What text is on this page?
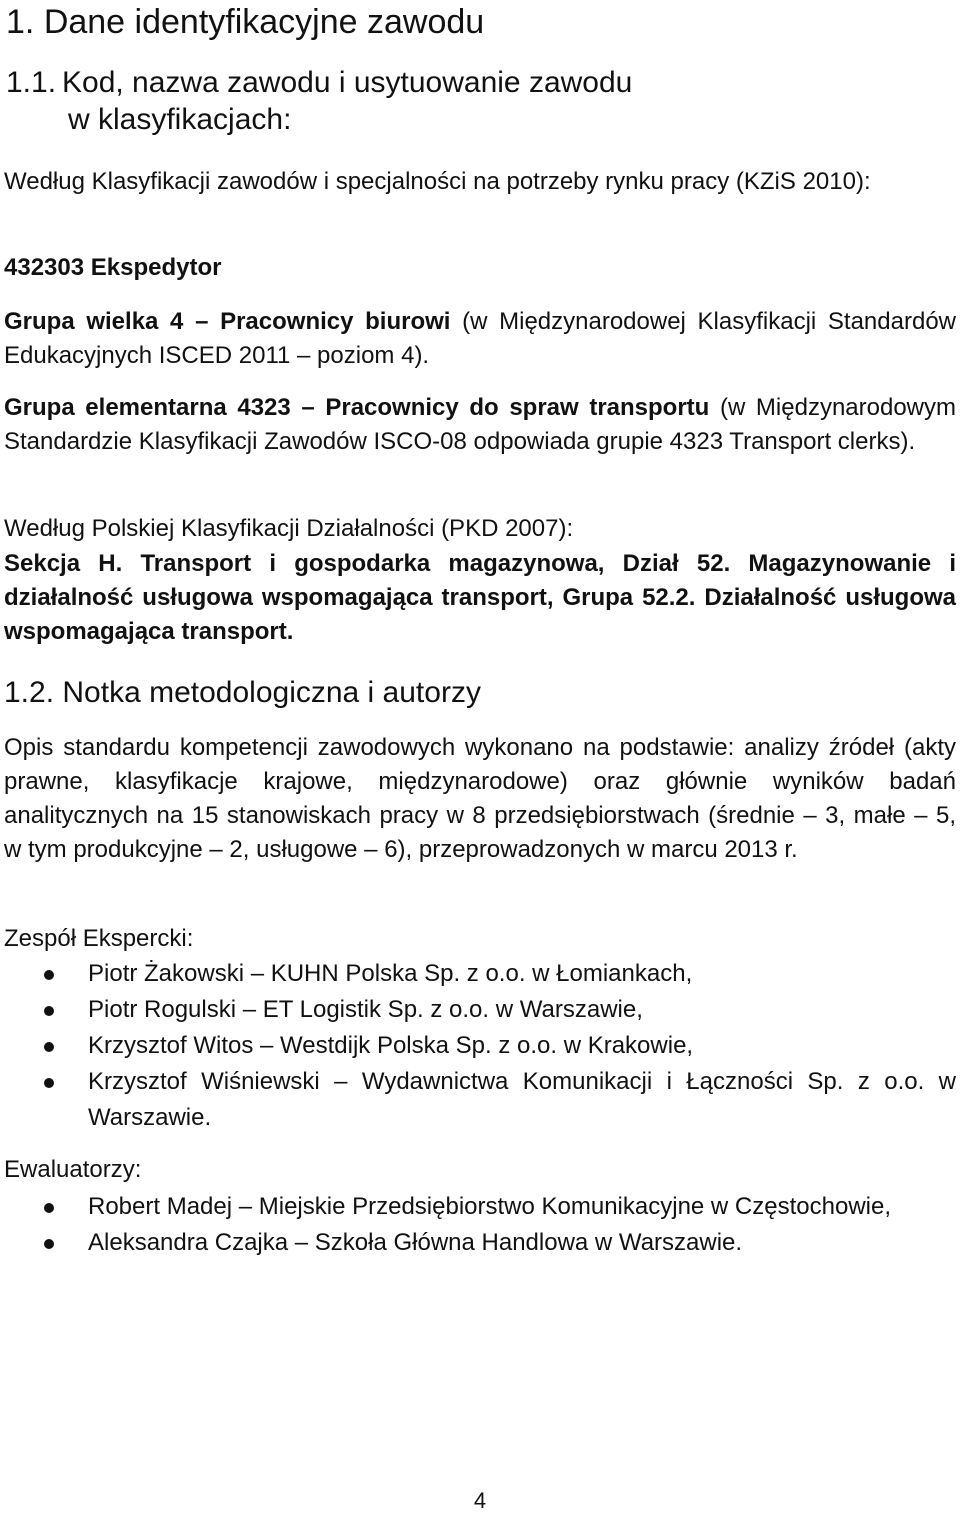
1. Dane identyfikacyjne zawodu
1.1. Kod, nazwa zawodu i usytuowanie zawodu
w klasyfikacjach:

Według Klasyfikacji zawodów i specjalności na potrzeby rynku pracy (KZiS 2010):

432303 Ekspedytor

Grupa wielka 4 – Pracownicy biurowi (w Międzynarodowej Klasyfikacji Standardów Edukacyjnych ISCED 2011 – poziom 4).

Grupa elementarna 4323 – Pracownicy do spraw transportu (w Międzynarodowym Standardzie Klasyfikacji Zawodów ISCO-08 odpowiada grupie 4323 Transport clerks).

Według Polskiej Klasyfikacji Działalności (PKD 2007):

Sekcja H. Transport i gospodarka magazynowa, Dział 52. Magazynowanie i działalność usługowa wspomagająca transport, Grupa 52.2. Działalność usługowa wspomagająca transport.

1.2. Notka metodologiczna i autorzy

Opis standardu kompetencji zawodowych wykonano na podstawie: analizy źródeł (akty prawne, klasyfikacje krajowe, międzynarodowe) oraz głównie wyników badań analitycznych na 15 stanowiskach pracy w 8 przedsiębiorstwach (średnie – 3, małe – 5, w tym produkcyjne – 2, usługowe – 6), przeprowadzonych w marcu 2013 r.

Zespół Ekspercki:

Piotr Żakowski – KUHN Polska Sp. z o.o. w Łomiankach,
Piotr Rogulski – ET Logistik Sp. z o.o. w Warszawie,
Krzysztof Witos – Westdijk Polska Sp. z o.o. w Krakowie,
Krzysztof Wiśniewski – Wydawnictwa Komunikacji i Łączności Sp. z o.o. w Warszawie.

Ewaluatorzy:

Robert Madej – Miejskie Przedsiębiorstwo Komunikacyjne w Częstochowie,
Aleksandra Czajka – Szkoła Główna Handlowa w Warszawie.
4
